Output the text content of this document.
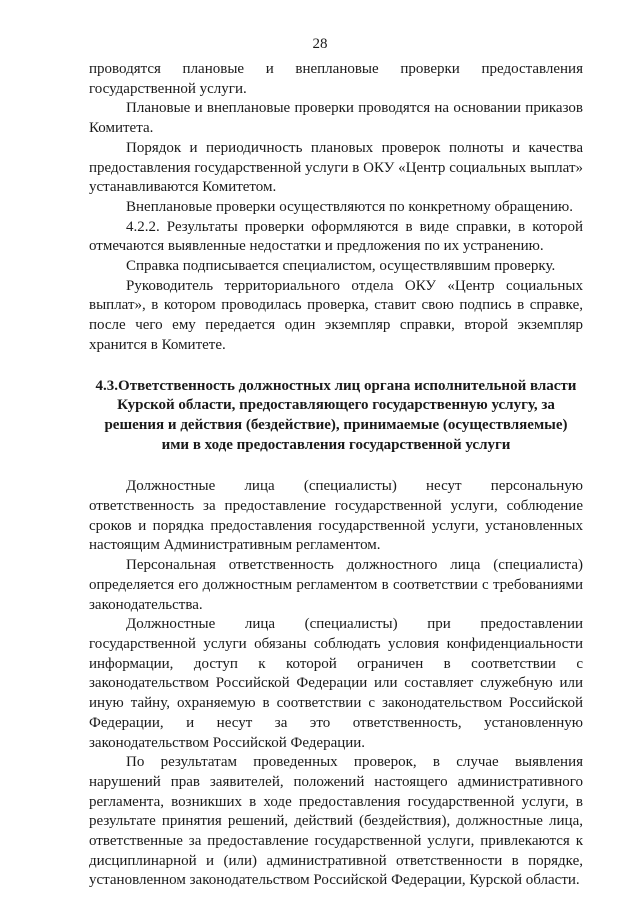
28

проводятся плановые и внеплановые проверки предоставления государственной услуги.

Плановые и внеплановые проверки проводятся на основании приказов Комитета.

Порядок и периодичность плановых проверок полноты и качества предоставления государственной услуги в ОКУ «Центр социальных выплат» устанавливаются Комитетом.

Внеплановые проверки осуществляются по конкретному обращению.

4.2.2. Результаты проверки оформляются в виде справки, в которой отмечаются выявленные недостатки и предложения по их устранению.

Справка подписывается специалистом, осуществлявшим проверку.

Руководитель территориального отдела ОКУ «Центр социальных выплат», в котором проводилась проверка, ставит свою подпись в справке, после чего ему передается один экземпляр справки, второй экземпляр хранится в Комитете.

4.3.Ответственность должностных лиц органа исполнительной власти Курской области, предоставляющего государственную услугу, за решения и действия (бездействие), принимаемые (осуществляемые) ими в ходе предоставления государственной услуги

Должностные лица (специалисты) несут персональную ответственность за предоставление государственной услуги, соблюдение сроков и порядка предоставления государственной услуги, установленных настоящим Административным регламентом.

Персональная ответственность должностного лица (специалиста) определяется его должностным регламентом в соответствии с требованиями законодательства.

Должностные лица (специалисты) при предоставлении государственной услуги обязаны соблюдать условия конфиденциальности информации, доступ к которой ограничен в соответствии с законодательством Российской Федерации или составляет служебную или иную тайну, охраняемую в соответствии с законодательством Российской Федерации, и несут за это ответственность, установленную законодательством Российской Федерации.

По результатам проведенных проверок, в случае выявления нарушений прав заявителей, положений настоящего административного регламента, возникших в ходе предоставления государственной услуги, в результате принятия решений, действий (бездействия), должностные лица, ответственные за предоставление государственной услуги, привлекаются к дисциплинарной и (или) административной ответственности в порядке, установленном законодательством Российской Федерации, Курской области.
